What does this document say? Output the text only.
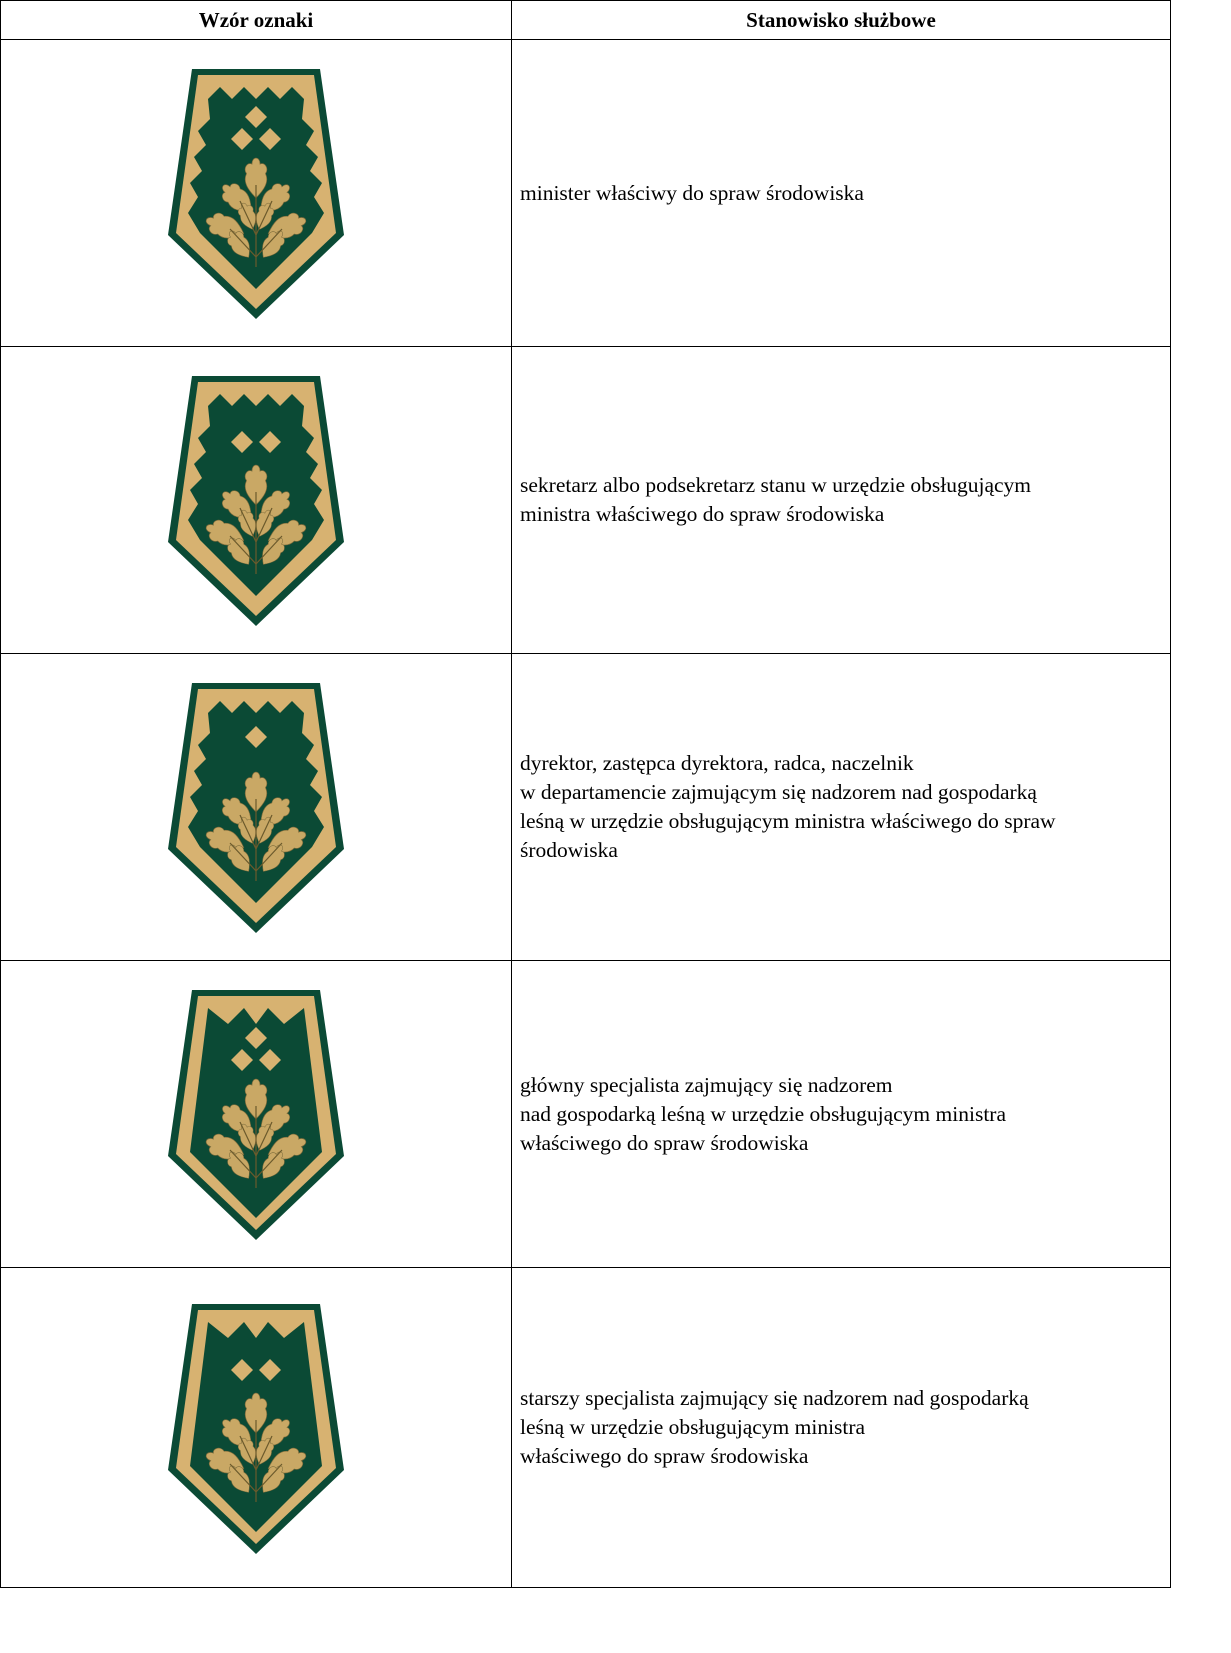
Wzór oznaki	Stanowisko służbowe

minister właściwy do spraw środowiska

sekretarz albo podsekretarz stanu w urzędzie obsługującym
ministra właściwego do spraw środowiska

dyrektor, zastępca dyrektora, radca, naczelnik
w departamencie zajmującym się nadzorem nad gospodarką
leśną w urzędzie obsługującym ministra właściwego do spraw
środowiska

główny specjalista zajmujący się nadzorem
nad gospodarką leśną w urzędzie obsługującym ministra
właściwego do spraw środowiska

starszy specjalista zajmujący się nadzorem nad gospodarką
leśną w urzędzie obsługującym ministra
właściwego do spraw środowiska
